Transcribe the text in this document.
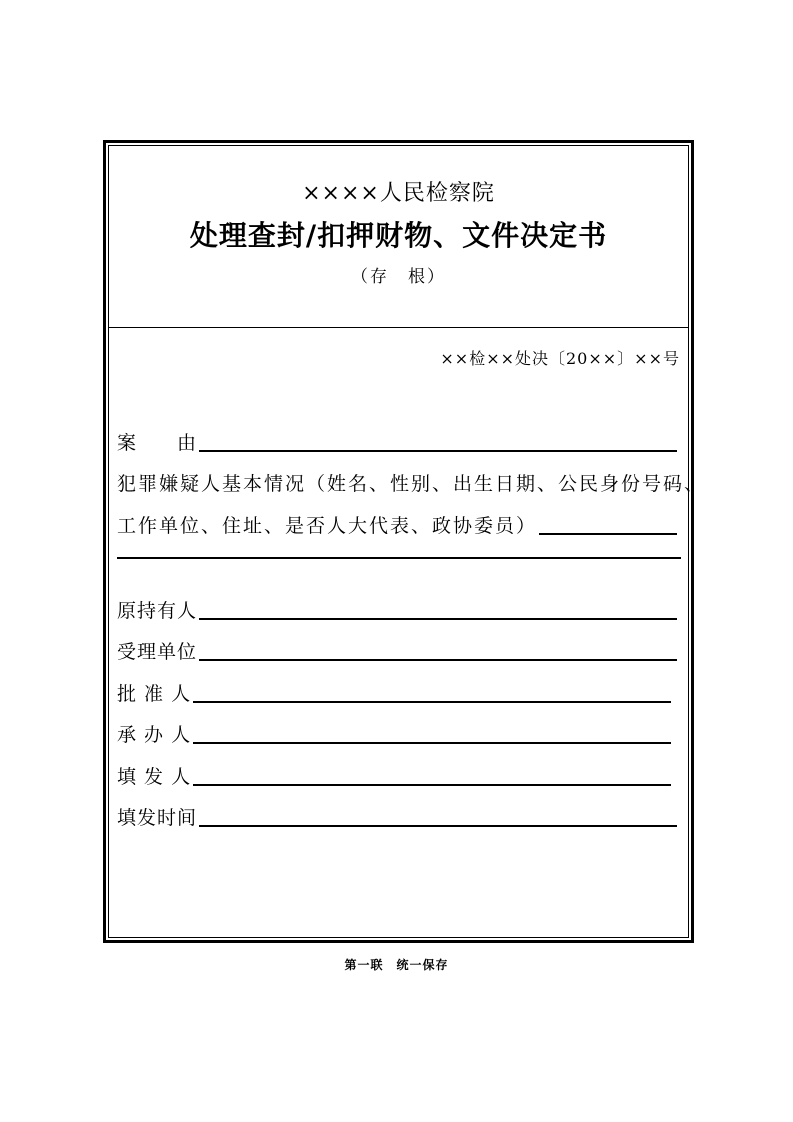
××××人民检察院
处理查封/扣押财物、文件决定书
（存　根）
××检××处决〔20××〕××号
案　　由
犯罪嫌疑人基本情况（姓名、性别、出生日期、公民身份号码、
工作单位、住址、是否人大代表、政协委员）
原持有人
受理单位
批 准 人
承 办 人
填 发 人
填发时间
第一联　统一保存
